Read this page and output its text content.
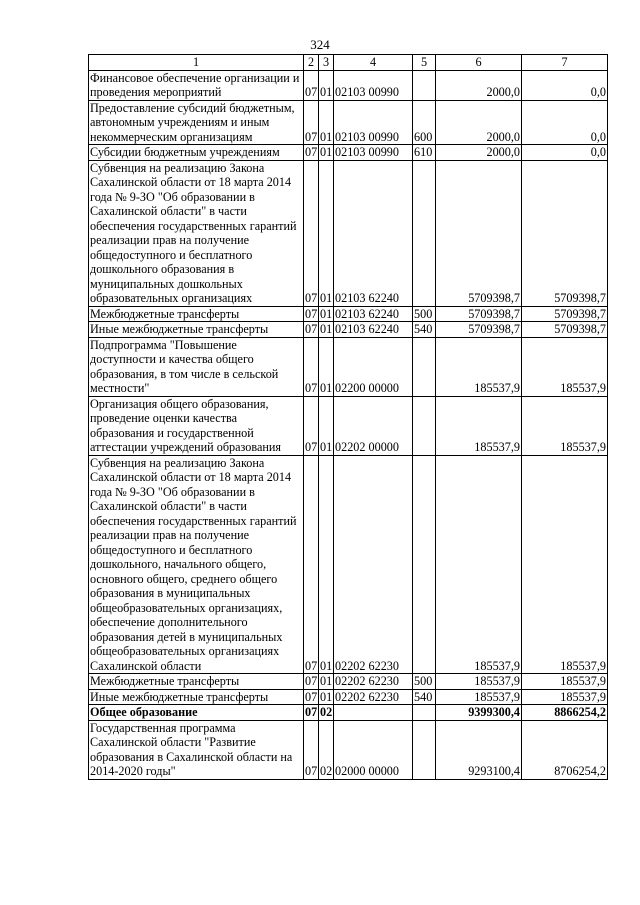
324
1	2	3	4	5	6	7
Финансовое обеспечение организации и проведения мероприятий	07	01	02103 00990		2000,0	0,0
Предоставление субсидий бюджетным, автономным учреждениям и иным некоммерческим организациям	07	01	02103 00990	600	2000,0	0,0
Субсидии бюджетным учреждениям	07	01	02103 00990	610	2000,0	0,0
Субвенция на реализацию Закона Сахалинской области от 18 марта 2014 года № 9-ЗО "Об образовании в Сахалинской области" в части обеспечения государственных гарантий реализации прав на получение общедоступного и бесплатного дошкольного образования в муниципальных дошкольных образовательных организациях	07	01	02103 62240		5709398,7	5709398,7
Межбюджетные трансферты	07	01	02103 62240	500	5709398,7	5709398,7
Иные межбюджетные трансферты	07	01	02103 62240	540	5709398,7	5709398,7
Подпрограмма "Повышение доступности и качества общего образования, в том числе в сельской местности"	07	01	02200 00000		185537,9	185537,9
Организация общего образования, проведение оценки качества образования и государственной аттестации учреждений образования	07	01	02202 00000		185537,9	185537,9
Субвенция на реализацию Закона Сахалинской области от 18 марта 2014 года № 9-ЗО "Об образовании в Сахалинской области" в части обеспечения государственных гарантий реализации прав на получение общедоступного и бесплатного дошкольного, начального общего, основного общего, среднего общего образования в муниципальных общеобразовательных организациях, обеспечение дополнительного образования детей в муниципальных общеобразовательных организациях Сахалинской области	07	01	02202 62230		185537,9	185537,9
Межбюджетные трансферты	07	01	02202 62230	500	185537,9	185537,9
Иные межбюджетные трансферты	07	01	02202 62230	540	185537,9	185537,9
Общее образование	07	02			9399300,4	8866254,2
Государственная программа Сахалинской области "Развитие образования в Сахалинской области на 2014-2020 годы"	07	02	02000 00000		9293100,4	8706254,2
